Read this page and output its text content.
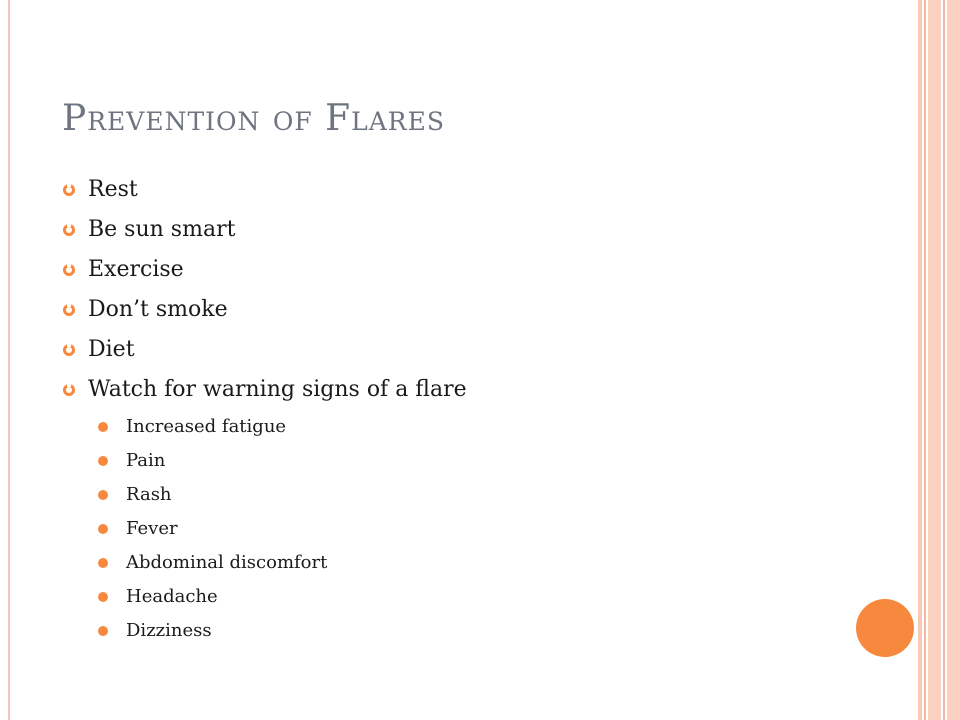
Prevention of Flares
Rest
Be sun smart
Exercise
Don’t smoke
Diet
Watch for warning signs of a flare
Increased fatigue
Pain
Rash
Fever
Abdominal discomfort
Headache
Dizziness
